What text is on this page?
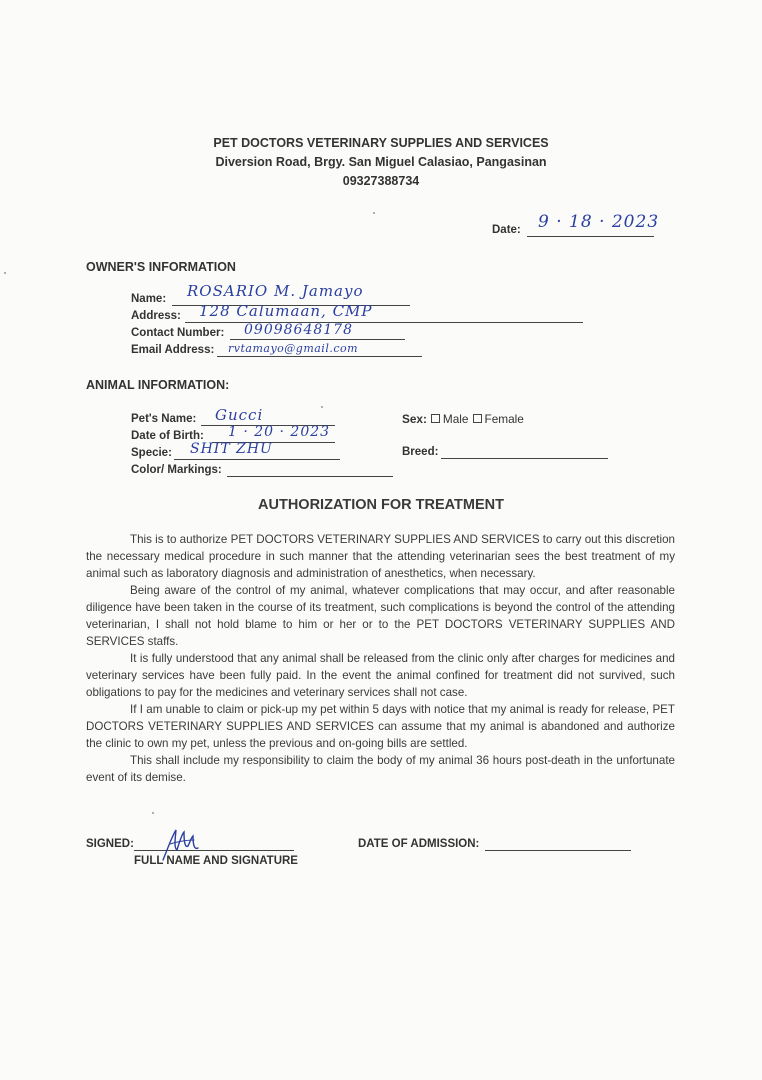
PET DOCTORS VETERINARY SUPPLIES AND SERVICES
Diversion Road, Brgy. San Miguel Calasiao, Pangasinan
09327388734
Date: 9 · 18 · 2023
OWNER'S INFORMATION
Name: ROSARIO M. Jamayo
Address: 128 Calumaan, CMP
Contact Number: 09098648178
Email Address: rvtamayo@gmail.com
ANIMAL INFORMATION:
Pet's Name: Gucci
Date of Birth: 1 · 20 · 2023
Specie: SHIT ZHU
Color/ Markings:
Sex: Male Female
Breed:
AUTHORIZATION FOR TREATMENT

This is to authorize PET DOCTORS VETERINARY SUPPLIES AND SERVICES to carry out this discretion the necessary medical procedure in such manner that the attending veterinarian sees the best treatment of my animal such as laboratory diagnosis and administration of anesthetics, when necessary.

Being aware of the control of my animal, whatever complications that may occur, and after reasonable diligence have been taken in the course of its treatment, such complications is beyond the control of the attending veterinarian, I shall not hold blame to him or her or to the PET DOCTORS VETERINARY SUPPLIES AND SERVICES staffs.

It is fully understood that any animal shall be released from the clinic only after charges for medicines and veterinary services have been fully paid. In the event the animal confined for treatment did not survived, such obligations to pay for the medicines and veterinary services shall not case.

If I am unable to claim or pick-up my pet within 5 days with notice that my animal is ready for release, PET DOCTORS VETERINARY SUPPLIES AND SERVICES can assume that my animal is abandoned and authorize the clinic to own my pet, unless the previous and on-going bills are settled.

This shall include my responsibility to claim the body of my animal 36 hours post-death in the unfortunate event of its demise.

SIGNED:
FULL NAME AND SIGNATURE
DATE OF ADMISSION:
